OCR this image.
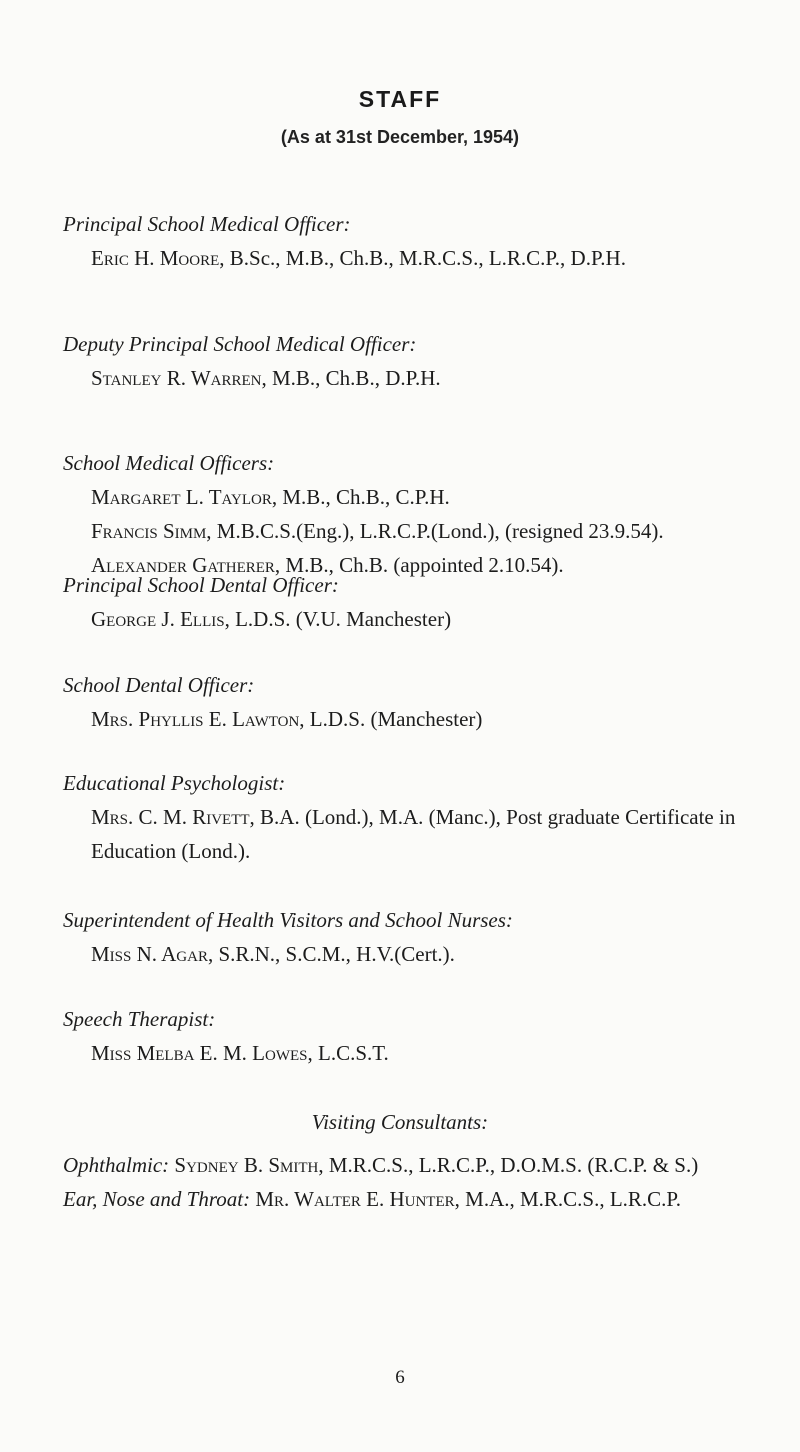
STAFF
(As at 31st December, 1954)
Principal School Medical Officer:
Eric H. Moore, B.Sc., M.B., Ch.B., M.R.C.S., L.R.C.P., D.P.H.
Deputy Principal School Medical Officer:
Stanley R. Warren, M.B., Ch.B., D.P.H.
School Medical Officers:
Margaret L. Taylor, M.B., Ch.B., C.P.H.
Francis Simm, M.B.C.S.(Eng.), L.R.C.P.(Lond.), (resigned 23.9.54).
Alexander Gatherer, M.B., Ch.B. (appointed 2.10.54).
Principal School Dental Officer:
George J. Ellis, L.D.S. (V.U. Manchester)
School Dental Officer:
Mrs. Phyllis E. Lawton, L.D.S. (Manchester)
Educational Psychologist:
Mrs. C. M. Rivett, B.A. (Lond.), M.A. (Manc.), Post graduate Certificate in Education (Lond.).
Superintendent of Health Visitors and School Nurses:
Miss N. Agar, S.R.N., S.C.M., H.V.(Cert.).
Speech Therapist:
Miss Melba E. M. Lowes, L.C.S.T.
Visiting Consultants:
Ophthalmic: Sydney B. Smith, M.R.C.S., L.R.C.P., D.O.M.S. (R.C.P. & S.)
Ear, Nose and Throat: Mr. Walter E. Hunter, M.A., M.R.C.S., L.R.C.P.
6
